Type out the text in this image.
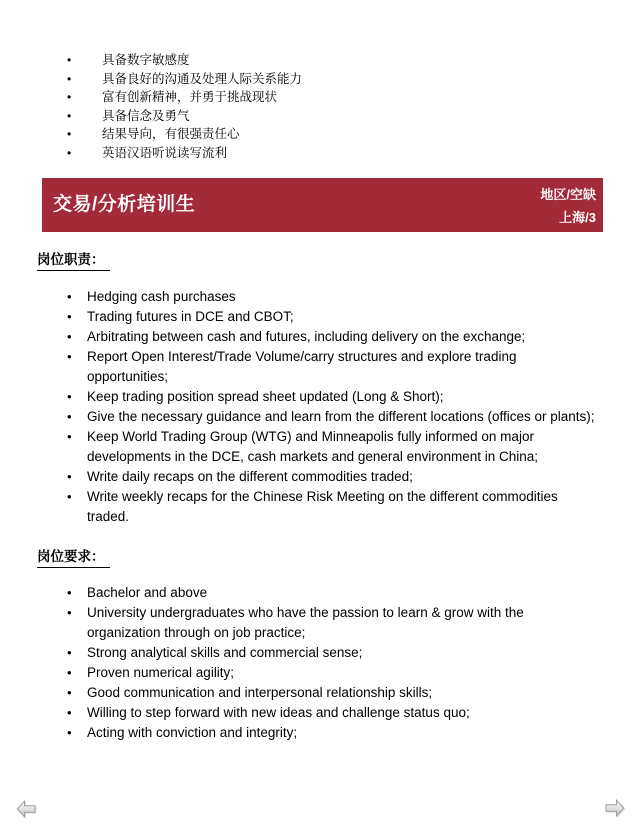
• 具备数字敏感度
• 具备良好的沟通及处理人际关系能力
• 富有创新精神，并勇于挑战现状
• 具备信念及勇气
• 结果导向，有很强责任心
• 英语汉语听说读写流利
交易/分析培训生	地区/空缺
上海/3
岗位职责：
• Hedging cash purchases
• Trading futures in DCE and CBOT;
• Arbitrating between cash and futures, including delivery on the exchange;
• Report Open Interest/Trade Volume/carry structures and explore trading opportunities;
• Keep trading position spread sheet updated (Long & Short);
• Give the necessary guidance and learn from the different locations (offices or plants);
• Keep World Trading Group (WTG) and Minneapolis fully informed on major developments in the DCE, cash markets and general environment in China;
• Write daily recaps on the different commodities traded;
• Write weekly recaps for the Chinese Risk Meeting on the different commodities traded.
岗位要求：
• Bachelor and above
• University undergraduates who have the passion to learn & grow with the organization through on job practice;
• Strong analytical skills and commercial sense;
• Proven numerical agility;
• Good communication and interpersonal relationship skills;
• Willing to step forward with new ideas and challenge status quo;
• Acting with conviction and integrity;
